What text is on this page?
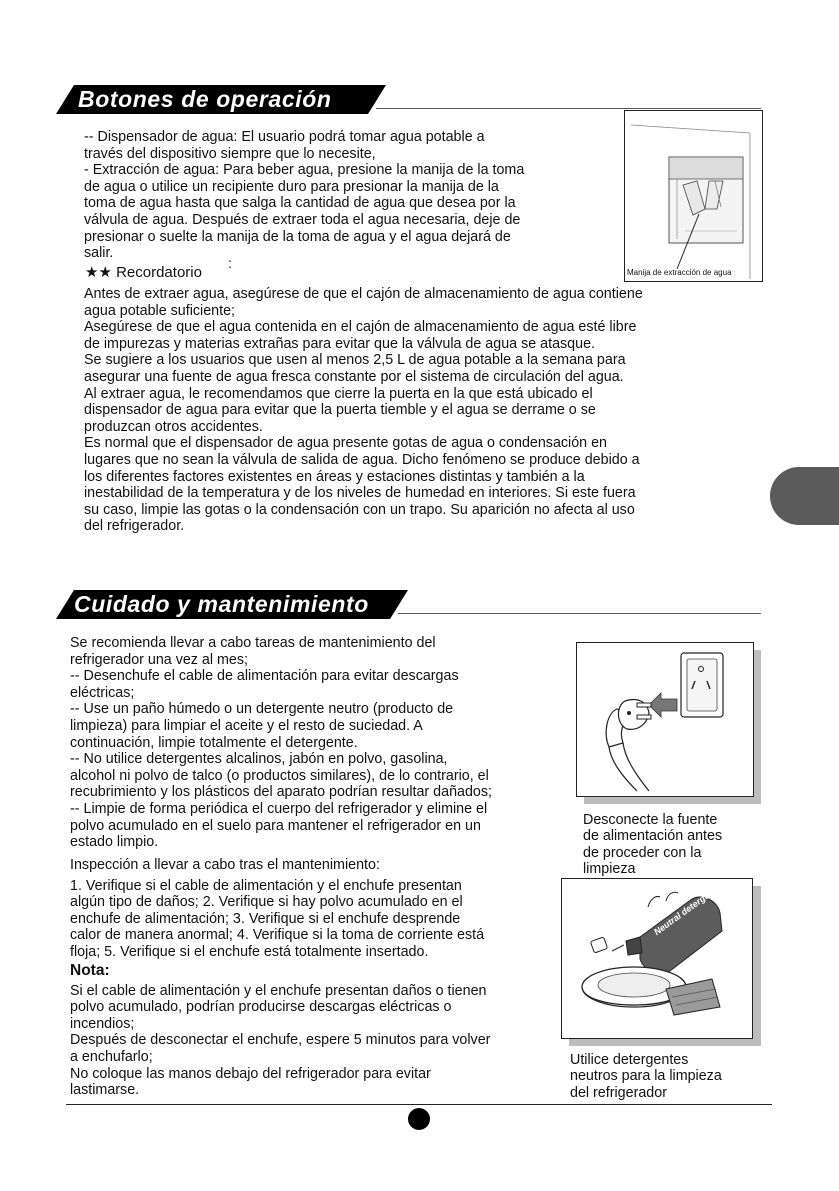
Botones de operación

-- Dispensador de agua: El usuario podrá tomar agua potable a

través del dispositivo siempre que lo necesite,

- Extracción de agua: Para beber agua, presione la manija de la toma

de agua o utilice un recipiente duro para presionar la manija de la

toma de agua hasta que salga la cantidad de agua que desea por la

válvula de agua. Después de extraer toda el agua necesaria, deje de

presionar o suelte la manija de la toma de agua y el agua dejará de

salir.

★★ Recordatorio
:

Antes de extraer agua, asegúrese de que el cajón de almacenamiento de agua contiene

agua potable suficiente;

Asegúrese de que el agua contenida en el cajón de almacenamiento de agua esté libre

de impurezas y materias extrañas para evitar que la válvula de agua se atasque.

Se sugiere a los usuarios que usen al menos 2,5 L de agua potable a la semana para

asegurar una fuente de agua fresca constante por el sistema de circulación del agua.

Al extraer agua, le recomendamos que cierre la puerta en la que está ubicado el

dispensador de agua para evitar que la puerta tiemble y el agua se derrame o se

produzcan otros accidentes.

Es normal que el dispensador de agua presente gotas de agua o condensación en

lugares que no sean la válvula de salida de agua. Dicho fenómeno se produce debido a

los diferentes factores existentes en áreas y estaciones distintas y también a la

inestabilidad de la temperatura y de los niveles de humedad en interiores. Si este fuera

su caso, limpie las gotas o la condensación con un trapo. Su aparición no afecta al uso

del refrigerador.

Manija de extracción de agua
Cuidado y mantenimiento

Se recomienda llevar a cabo tareas de mantenimiento del

refrigerador una vez al mes;

-- Desenchufe el cable de alimentación para evitar descargas

eléctricas;

-- Use un paño húmedo o un detergente neutro (producto de

limpieza) para limpiar el aceite y el resto de suciedad. A

continuación, limpie totalmente el detergente.

-- No utilice detergentes alcalinos, jabón en polvo, gasolina,

alcohol ni polvo de talco (o productos similares), de lo contrario, el

recubrimiento y los plásticos del aparato podrían resultar dañados;

-- Limpie de forma periódica el cuerpo del refrigerador y elimine el

polvo acumulado en el suelo para mantener el refrigerador en un

estado limpio.

Inspección a llevar a cabo tras el mantenimiento:

1. Verifique si el cable de alimentación y el enchufe presentan

algún tipo de daños; 2. Verifique si hay polvo acumulado en el

enchufe de alimentación; 3. Verifique si el enchufe desprende

calor de manera anormal; 4. Verifique si la toma de corriente está

floja; 5. Verifique si el enchufe está totalmente insertado.

Nota:

Si el cable de alimentación y el enchufe presentan daños o tienen

polvo acumulado, podrían producirse descargas eléctricas o

incendios;

Después de desconectar el enchufe, espere 5 minutos para volver

a enchufarlo;

No coloque las manos debajo del refrigerador para evitar

lastimarse.

Desconecte la fuente
de alimentación antes
de proceder con la
limpieza
Neutral detergent
Utilice detergentes
neutros para la limpieza
del refrigerador
